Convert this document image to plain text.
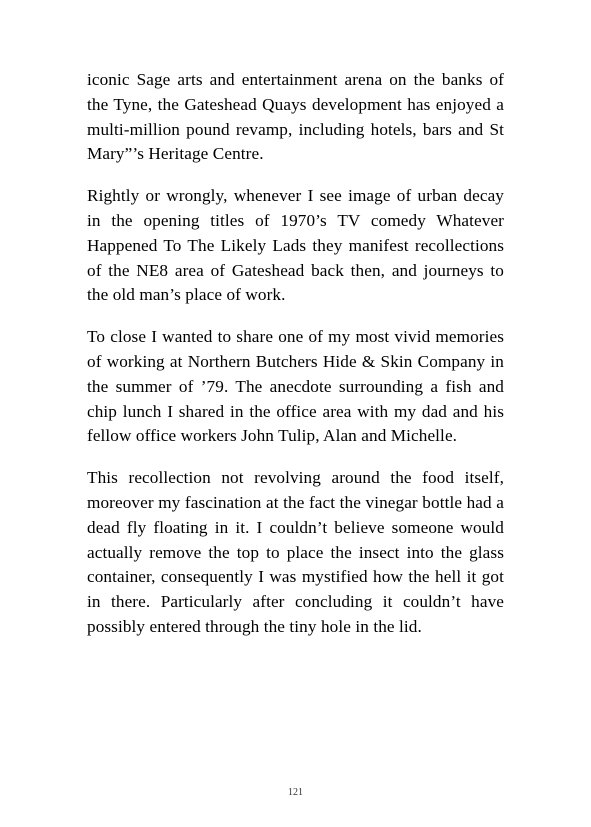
iconic Sage arts and entertainment arena on the banks of the Tyne, the Gateshead Quays development has enjoyed a multi-million pound revamp, including hotels, bars and St Mary”’s Heritage Centre.

Rightly or wrongly, whenever I see image of urban decay in the opening titles of 1970’s TV comedy Whatever Happened To The Likely Lads they manifest recollections of the NE8 area of Gateshead back then, and journeys to the old man’s place of work.

To close I wanted to share one of my most vivid memories of working at Northern Butchers Hide & Skin Company in the summer of ’79. The anecdote surrounding a fish and chip lunch I shared in the office area with my dad and his fellow office workers John Tulip, Alan and Michelle.

This recollection not revolving around the food itself, moreover my fascination at the fact the vinegar bottle had a dead fly floating in it. I couldn’t believe someone would actually remove the top to place the insect into the glass container, consequently I was mystified how the hell it got in there. Particularly after concluding it couldn’t have possibly entered through the tiny hole in the lid.

121
